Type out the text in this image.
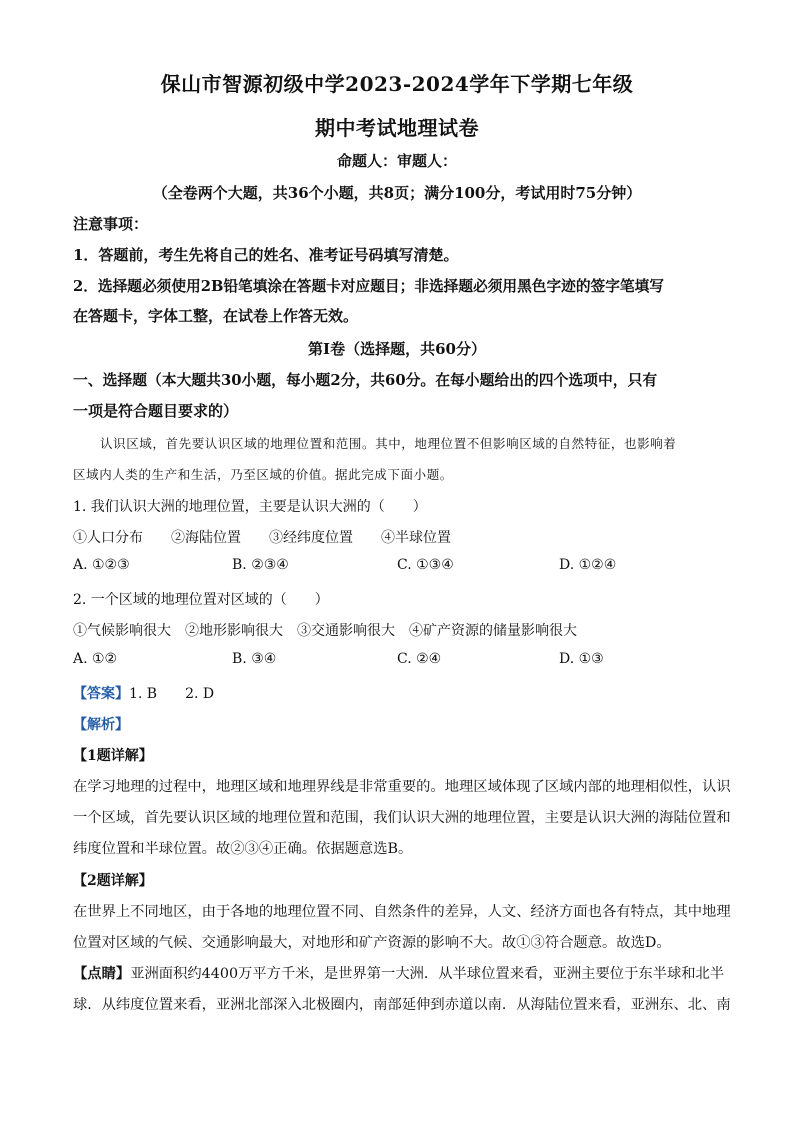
保山市智源初级中学2023-2024学年下学期七年级
期中考试地理试卷
命题人：审题人：
（全卷两个大题，共36个小题，共8页；满分100分，考试用时75分钟）
注意事项：
1．答题前，考生先将自己的姓名、准考证号码填写清楚。
2．选择题必须使用2B铅笔填涂在答题卡对应题目；非选择题必须用黑色字迹的签字笔填写
在答题卡，字体工整，在试卷上作答无效。
第Ⅰ卷（选择题，共60分）
一、选择题（本大题共30小题，每小题2分，共60分。在每小题给出的四个选项中，只有
一项是符合题目要求的）
认识区域，首先要认识区域的地理位置和范围。其中，地理位置不但影响区域的自然特征，也影响着
区域内人类的生产和生活，乃至区域的价值。据此完成下面小题。
1. 我们认识大洲的地理位置，主要是认识大洲的（　　）
①人口分布　　②海陆位置　　③经纬度位置　　④半球位置
A. ①②③	B. ②③④	C. ①③④	D. ①②④
2. 一个区域的地理位置对区域的（　　）
①气候影响很大　②地形影响很大　③交通影响很大　④矿产资源的储量影响很大
A. ①②	B. ③④	C. ②④	D. ①③
【答案】1. B　　2. D
【解析】
【1题详解】
在学习地理的过程中，地理区域和地理界线是非常重要的。地理区域体现了区域内部的地理相似性，认识
一个区域，首先要认识区域的地理位置和范围，我们认识大洲的地理位置，主要是认识大洲的海陆位置和
纬度位置和半球位置。故②③④正确。依据题意选B。
【2题详解】
在世界上不同地区，由于各地的地理位置不同、自然条件的差异，人文、经济方面也各有特点，其中地理
位置对区域的气候、交通影响最大，对地形和矿产资源的影响不大。故①③符合题意。故选D。
【点睛】亚洲面积约4400万平方千米，是世界第一大洲．从半球位置来看，亚洲主要位于东半球和北半
球．从纬度位置来看，亚洲北部深入北极圈内，南部延伸到赤道以南．从海陆位置来看，亚洲东、北、南
